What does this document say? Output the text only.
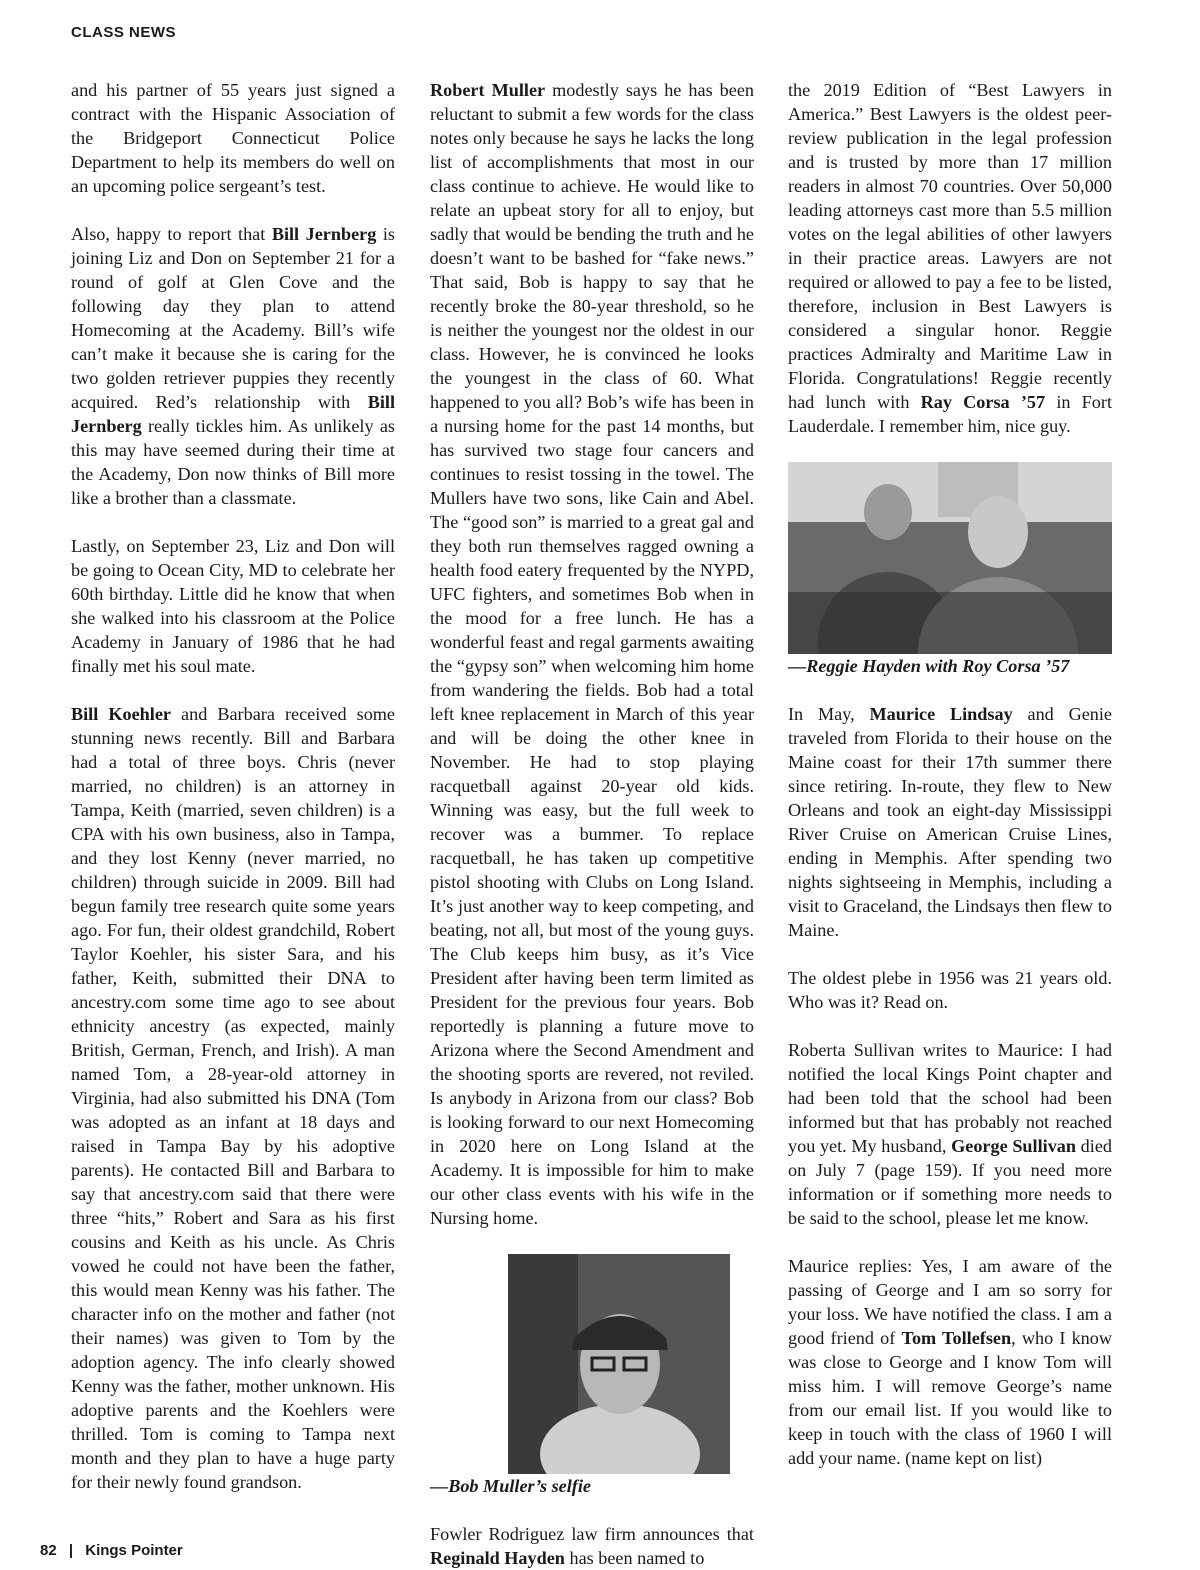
CLASS NEWS

and his partner of 55 years just signed a contract with the Hispanic Association of the Bridgeport Connecticut Police Department to help its members do well on an upcoming police sergeant’s test.

Also, happy to report that Bill Jernberg is joining Liz and Don on September 21 for a round of golf at Glen Cove and the following day they plan to attend Homecoming at the Academy. Bill’s wife can’t make it because she is caring for the two golden retriever puppies they recently acquired. Red’s relationship with Bill Jernberg really tickles him. As unlikely as this may have seemed during their time at the Academy, Don now thinks of Bill more like a brother than a classmate.

Lastly, on September 23, Liz and Don will be going to Ocean City, MD to celebrate her 60th birthday. Little did he know that when she walked into his classroom at the Police Academy in January of 1986 that he had finally met his soul mate.

Bill Koehler and Barbara received some stunning news recently. Bill and Barbara had a total of three boys. Chris (never married, no children) is an attorney in Tampa, Keith (married, seven children) is a CPA with his own business, also in Tampa, and they lost Kenny (never married, no children) through suicide in 2009. Bill had begun family tree research quite some years ago. For fun, their oldest grandchild, Robert Taylor Koehler, his sister Sara, and his father, Keith, submitted their DNA to ancestry.com some time ago to see about ethnicity ancestry (as expected, mainly British, German, French, and Irish). A man named Tom, a 28-year-old attorney in Virginia, had also submitted his DNA (Tom was adopted as an infant at 18 days and raised in Tampa Bay by his adoptive parents). He contacted Bill and Barbara to say that ancestry.com said that there were three “hits,” Robert and Sara as his first cousins and Keith as his uncle. As Chris vowed he could not have been the father, this would mean Kenny was his father. The character info on the mother and father (not their names) was given to Tom by the adoption agency. The info clearly showed Kenny was the father, mother unknown. His adoptive parents and the Koehlers were thrilled. Tom is coming to Tampa next month and they plan to have a huge party for their newly found grandson.

Robert Muller modestly says he has been reluctant to submit a few words for the class notes only because he says he lacks the long list of accomplishments that most in our class continue to achieve. He would like to relate an upbeat story for all to enjoy, but sadly that would be bending the truth and he doesn’t want to be bashed for “fake news.” That said, Bob is happy to say that he recently broke the 80-year threshold, so he is neither the youngest nor the oldest in our class. However, he is convinced he looks the youngest in the class of 60. What happened to you all? Bob’s wife has been in a nursing home for the past 14 months, but has survived two stage four cancers and continues to resist tossing in the towel. The Mullers have two sons, like Cain and Abel. The “good son” is married to a great gal and they both run themselves ragged owning a health food eatery frequented by the NYPD, UFC fighters, and sometimes Bob when in the mood for a free lunch. He has a wonderful feast and regal garments awaiting the “gypsy son” when welcoming him home from wandering the fields. Bob had a total left knee replacement in March of this year and will be doing the other knee in November. He had to stop playing racquetball against 20-year old kids. Winning was easy, but the full week to recover was a bummer. To replace racquetball, he has taken up competitive pistol shooting with Clubs on Long Island. It’s just another way to keep competing, and beating, not all, but most of the young guys. The Club keeps him busy, as it’s Vice President after having been term limited as President for the previous four years. Bob reportedly is planning a future move to Arizona where the Second Amendment and the shooting sports are revered, not reviled. Is anybody in Arizona from our class? Bob is looking forward to our next Homecoming in 2020 here on Long Island at the Academy. It is impossible for him to make our other class events with his wife in the Nursing home.

—Bob Muller’s selfie

Fowler Rodriguez law firm announces that Reginald Hayden has been named to

the 2019 Edition of “Best Lawyers in America.” Best Lawyers is the oldest peer-review publication in the legal profession and is trusted by more than 17 million readers in almost 70 countries. Over 50,000 leading attorneys cast more than 5.5 million votes on the legal abilities of other lawyers in their practice areas. Lawyers are not required or allowed to pay a fee to be listed, therefore, inclusion in Best Lawyers is considered a singular honor. Reggie practices Admiralty and Maritime Law in Florida. Congratulations! Reggie recently had lunch with Ray Corsa ’57 in Fort Lauderdale. I remember him, nice guy.

—Reggie Hayden with Roy Corsa ’57

In May, Maurice Lindsay and Genie traveled from Florida to their house on the Maine coast for their 17th summer there since retiring. In-route, they flew to New Orleans and took an eight-day Mississippi River Cruise on American Cruise Lines, ending in Memphis. After spending two nights sightseeing in Memphis, including a visit to Graceland, the Lindsays then flew to Maine.

The oldest plebe in 1956 was 21 years old. Who was it? Read on.

Roberta Sullivan writes to Maurice: I had notified the local Kings Point chapter and had been told that the school had been informed but that has probably not reached you yet. My husband, George Sullivan died on July 7 (page 159). If you need more information or if something more needs to be said to the school, please let me know.

Maurice replies: Yes, I am aware of the passing of George and I am so sorry for your loss. We have notified the class. I am a good friend of Tom Tollefsen, who I know was close to George and I know Tom will miss him. I will remove George’s name from our email list. If you would like to keep in touch with the class of 1960 I will add your name. (name kept on list)

82 | Kings Pointer
